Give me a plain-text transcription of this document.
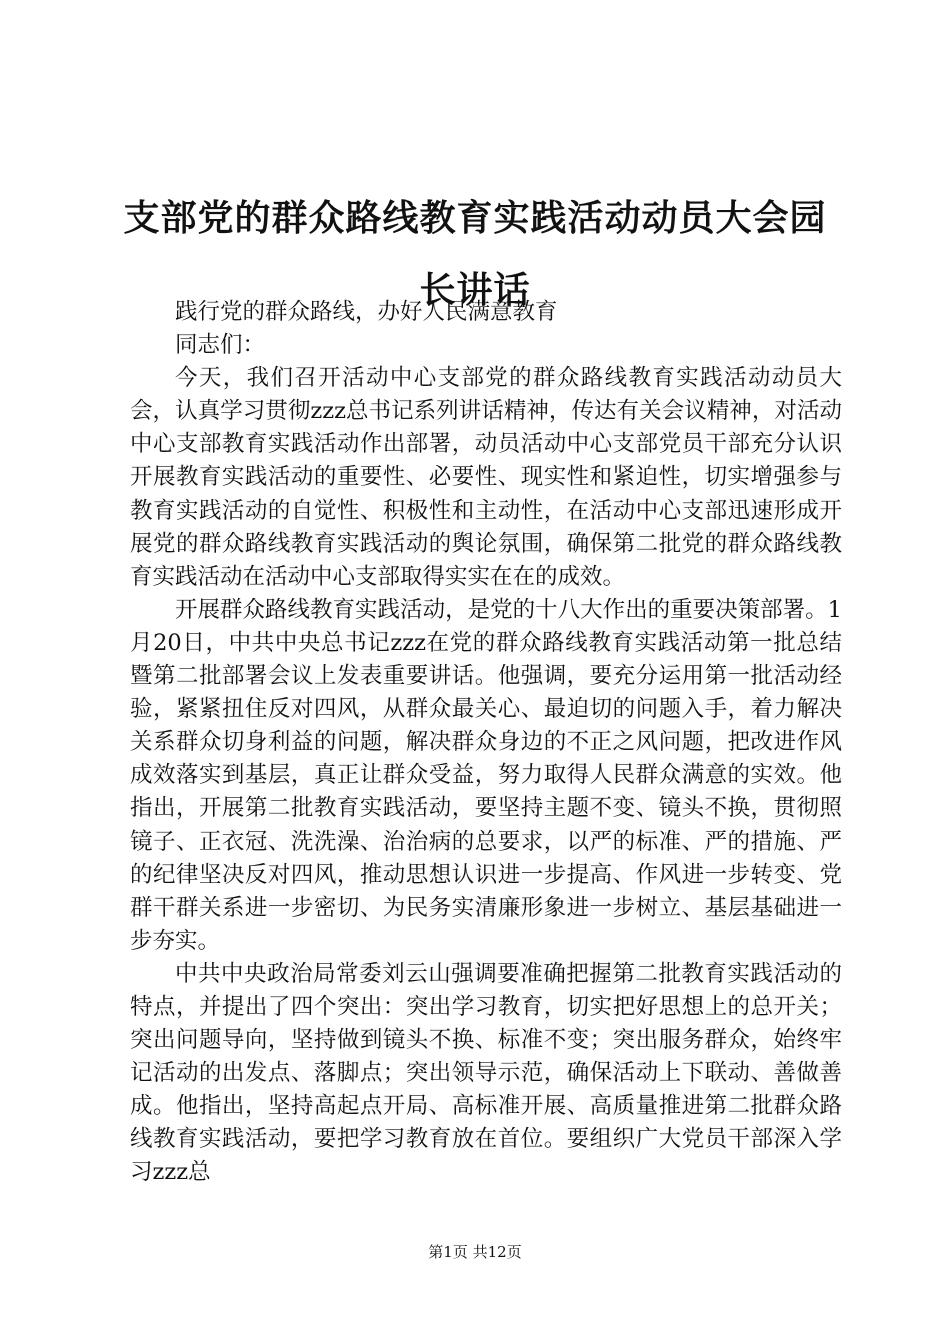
支部党的群众路线教育实践活动动员大会园长讲话

践行党的群众路线，办好人民满意教育

同志们：

今天，我们召开活动中心支部党的群众路线教育实践活动动员大会，认真学习贯彻zzz总书记系列讲话精神，传达有关会议精神，对活动中心支部教育实践活动作出部署，动员活动中心支部党员干部充分认识开展教育实践活动的重要性、必要性、现实性和紧迫性，切实增强参与教育实践活动的自觉性、积极性和主动性，在活动中心支部迅速形成开展党的群众路线教育实践活动的舆论氛围，确保第二批党的群众路线教育实践活动在活动中心支部取得实实在在的成效。

开展群众路线教育实践活动，是党的十八大作出的重要决策部署。1月20日，中共中央总书记zzz在党的群众路线教育实践活动第一批总结暨第二批部署会议上发表重要讲话。他强调，要充分运用第一批活动经验，紧紧扭住反对四风，从群众最关心、最迫切的问题入手，着力解决关系群众切身利益的问题，解决群众身边的不正之风问题，把改进作风成效落实到基层，真正让群众受益，努力取得人民群众满意的实效。他指出，开展第二批教育实践活动，要坚持主题不变、镜头不换，贯彻照镜子、正衣冠、洗洗澡、治治病的总要求，以严的标准、严的措施、严的纪律坚决反对四风，推动思想认识进一步提高、作风进一步转变、党群干群关系进一步密切、为民务实清廉形象进一步树立、基层基础进一步夯实。

中共中央政治局常委刘云山强调要准确把握第二批教育实践活动的特点，并提出了四个突出：突出学习教育，切实把好思想上的总开关；突出问题导向，坚持做到镜头不换、标准不变；突出服务群众，始终牢记活动的出发点、落脚点；突出领导示范，确保活动上下联动、善做善成。他指出，坚持高起点开局、高标准开展、高质量推进第二批群众路线教育实践活动，要把学习教育放在首位。要组织广大党员干部深入学习zzz总

第1页 共12页
